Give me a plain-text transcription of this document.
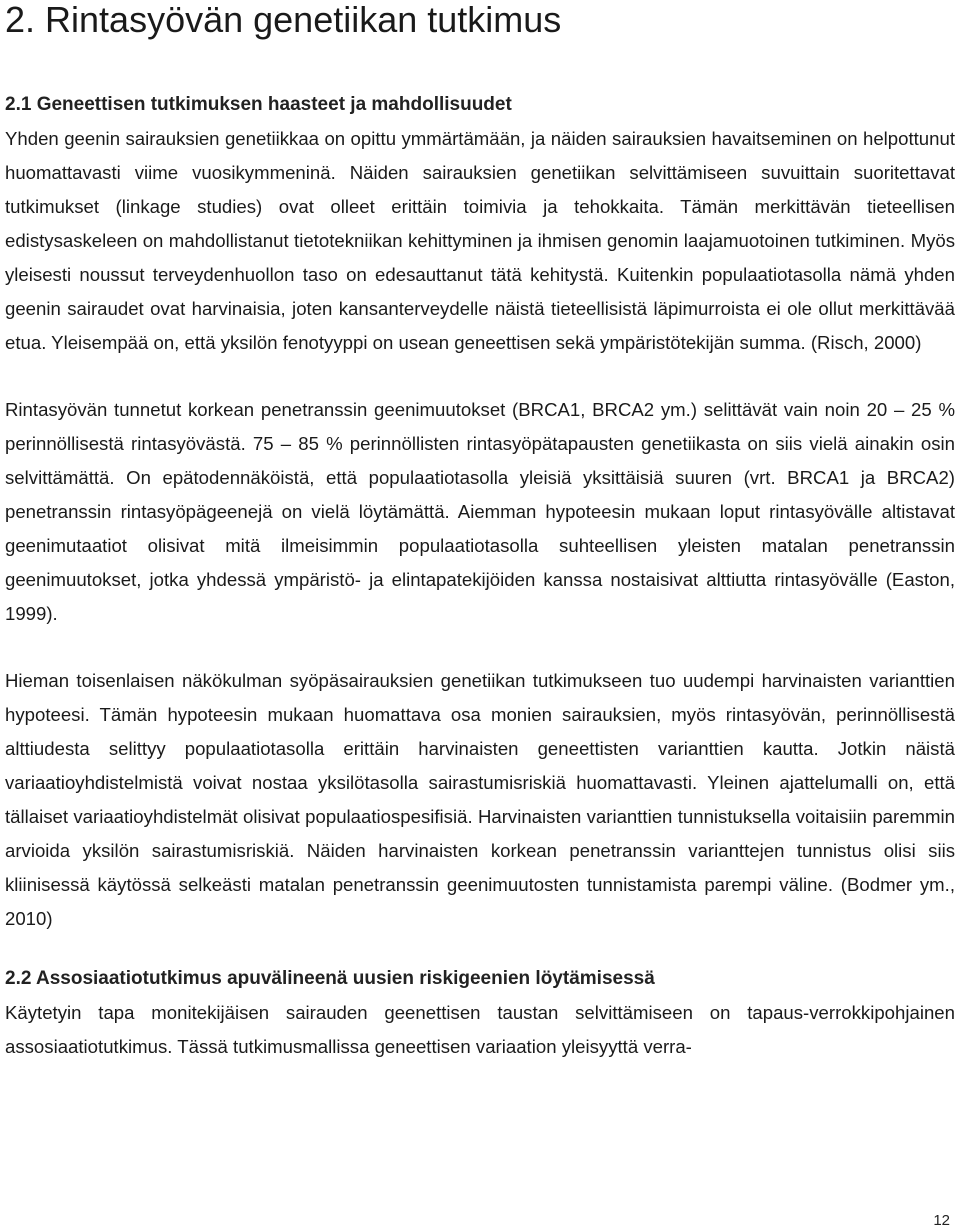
2. Rintasyövän genetiikan tutkimus
2.1 Geneettisen tutkimuksen haasteet ja mahdollisuudet

Yhden geenin sairauksien genetiikkaa on opittu ymmärtämään, ja näiden sairauksien havaitseminen on helpottunut huomattavasti viime vuosikymmeninä. Näiden sairauksien genetiikan selvittämiseen suvuittain suoritettavat tutkimukset (linkage studies) ovat olleet erittäin toimivia ja tehokkaita. Tämän merkittävän tieteellisen edistysaskeleen on mahdollistanut tietotekniikan kehittyminen ja ihmisen genomin laajamuotoinen tutkiminen. Myös yleisesti noussut terveydenhuollon taso on edesauttanut tätä kehitystä. Kuitenkin populaatiotasolla nämä yhden geenin sairaudet ovat harvinaisia, joten kansanterveydelle näistä tieteellisistä läpimurroista ei ole ollut merkittävää etua. Yleisempää on, että yksilön fenotyyppi on usean geneettisen sekä ympäristötekijän summa. (Risch, 2000)

Rintasyövän tunnetut korkean penetranssin geenimuutokset (BRCA1, BRCA2 ym.) selittävät vain noin 20 – 25 % perinnöllisestä rintasyövästä. 75 – 85 % perinnöllisten rintasyöpätapausten genetiikasta on siis vielä ainakin osin selvittämättä. On epätodennäköistä, että populaatiotasolla yleisiä yksittäisiä suuren (vrt. BRCA1 ja BRCA2) penetranssin rintasyöpägeenejä on vielä löytämättä. Aiemman hypoteesin mukaan loput rintasyövälle altistavat geenimutaatiot olisivat mitä ilmeisimmin populaatiotasolla suhteellisen yleisten matalan penetranssin geenimuutokset, jotka yhdessä ympäristö- ja elintapatekijöiden kanssa nostaisivat alttiutta rintasyövälle (Easton, 1999).

Hieman toisenlaisen näkökulman syöpäsairauksien genetiikan tutkimukseen tuo uudempi harvinaisten varianttien hypoteesi. Tämän hypoteesin mukaan huomattava osa monien sairauksien, myös rintasyövän, perinnöllisestä alttiudesta selittyy populaatiotasolla erittäin harvinaisten geneettisten varianttien kautta. Jotkin näistä variaatioyhdistelmistä voivat nostaa yksilötasolla sairastumisriskiä huomattavasti. Yleinen ajattelumalli on, että tällaiset variaatioyhdistelmät olisivat populaatiospesifisiä. Harvinaisten varianttien tunnistuksella voitaisiin paremmin arvioida yksilön sairastumisriskiä. Näiden harvinaisten korkean penetranssin varianttejen tunnistus olisi siis kliinisessä käytössä selkeästi matalan penetranssin geenimuutosten tunnistamista parempi väline. (Bodmer ym., 2010)

2.2 Assosiaatiotutkimus apuvälineenä uusien riskigeenien löytämisessä

Käytetyin tapa monitekijäisen sairauden geenettisen taustan selvittämiseen on tapaus-verrokkipohjainen assosiaatiotutkimus. Tässä tutkimusmallissa geneettisen variaation yleisyyttä verra-

12
